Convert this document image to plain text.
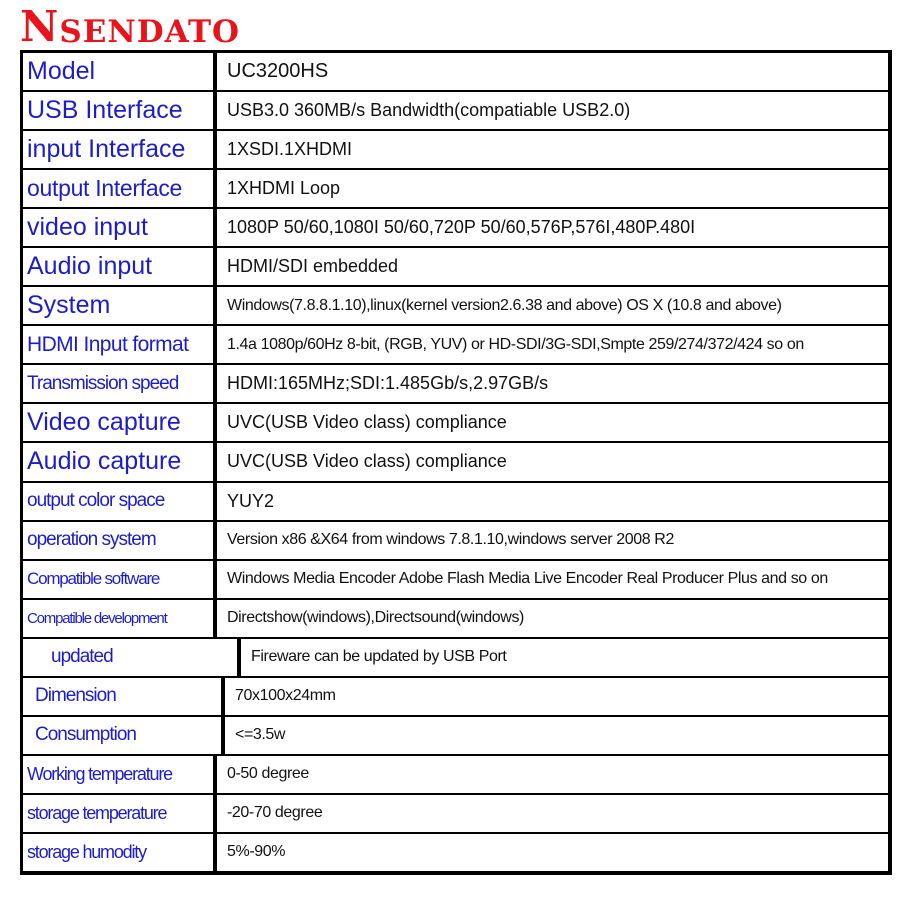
N SENDATO
Model	UC3200HS
USB Interface	USB3.0 360MB/s Bandwidth(compatiable USB2.0)
input Interface	1XSDI.1XHDMI
output Interface	1XHDMI Loop
video input	1080P 50/60,1080I 50/60,720P 50/60,576P,576I,480P.480I
Audio input	HDMI/SDI embedded
System	Windows(7.8.8.1.10),linux(kernel version2.6.38 and above) OS X (10.8 and above)
HDMI Input format	1.4a 1080p/60Hz 8-bit, (RGB, YUV) or HD-SDI/3G-SDI,Smpte 259/274/372/424 so on
Transmission speed	HDMI:165MHz;SDI:1.485Gb/s,2.97GB/s
Video capture	UVC(USB Video class) compliance
Audio capture	UVC(USB Video class) compliance
output color space	YUY2
operation system	Version x86 &X64 from windows 7.8.1.10,windows server 2008 R2
Compatible software	Windows Media Encoder Adobe Flash Media Live Encoder Real Producer Plus and so on
Compatible development	Directshow(windows),Directsound(windows)
updated	Fireware can be updated by USB Port
Dimension	70x100x24mm
Consumption	<=3.5w
Working temperature	0-50 degree
storage temperature	-20-70 degree
storage humodity	5%-90%
